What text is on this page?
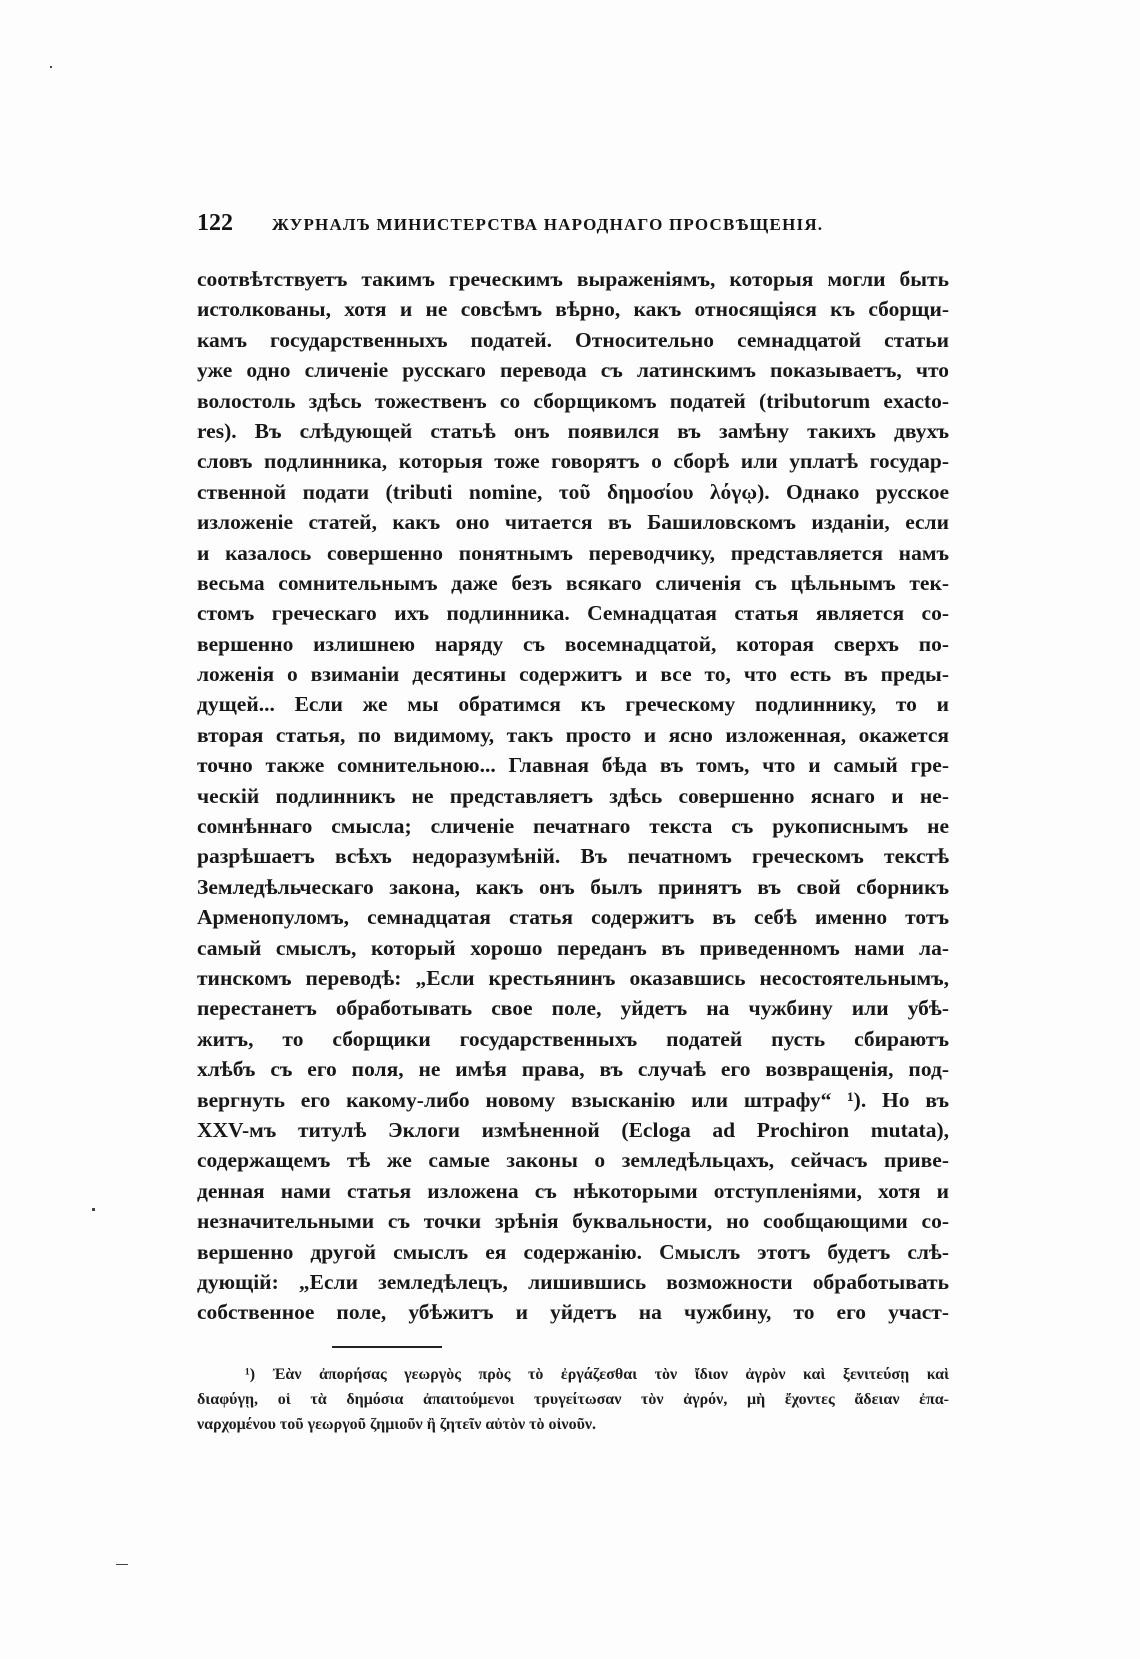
122 ЖУРНАЛЪ МИНИСТЕРСТВА НАРОДНАГО ПРОСВѢЩЕНІЯ.
соотвѣтствуетъ такимъ греческимъ выраженіямъ, которыя могли быть
истолкованы, хотя и не совсѣмъ вѣрно, какъ относящіяся къ сборщи-
камъ государственныхъ податей. Относительно семнадцатой статьи
уже одно сличеніе русскаго перевода съ латинскимъ показываетъ, что
волостоль здѣсь тожественъ со сборщикомъ податей (tributorum exacto-
res). Въ слѣдующей статьѣ онъ появился въ замѣну такихъ двухъ
словъ подлинника, которыя тоже говорятъ о сборѣ или уплатѣ государ-
ственной подати (tributi nomine, τοῦ δημοσίου λόγῳ). Однако русское
изложеніе статей, какъ оно читается въ Башиловскомъ изданіи, если
и казалось совершенно понятнымъ переводчику, представляется намъ
весьма сомнительнымъ даже безъ всякаго сличенія съ цѣльнымъ тек-
стомъ греческаго ихъ подлинника. Семнадцатая статья является со-
вершенно излишнею наряду съ восемнадцатой, которая сверхъ по-
ложенія о взиманіи десятины содержитъ и все то, что есть въ преды-
дущей... Если же мы обратимся къ греческому подлиннику, то и
вторая статья, по видимому, такъ просто и ясно изложенная, окажется
точно также сомнительною... Главная бѣда въ томъ, что и самый гре-
ческій подлинникъ не представляетъ здѣсь совершенно яснаго и не-
сомнѣннаго смысла; сличеніе печатнаго текста съ рукописнымъ не
разрѣшаетъ всѣхъ недоразумѣній. Въ печатномъ греческомъ текстѣ
Земледѣльческаго закона, какъ онъ былъ принятъ въ свой сборникъ
Арменопуломъ, семнадцатая статья содержитъ въ себѣ именно тотъ
самый смыслъ, который хорошо переданъ въ приведенномъ нами ла-
тинскомъ переводѣ: „Если крестьянинъ оказавшись несостоятельнымъ,
перестанетъ обработывать свое поле, уйдетъ на чужбину или убѣ-
житъ, то сборщики государственныхъ податей пусть сбираютъ
хлѣбъ съ его поля, не имѣя права, въ случаѣ его возвращенія, под-
вергнуть его какому-либо новому взысканію или штрафу“ ¹). Но въ
XXV-мъ титулѣ Эклоги измѣненной (Ecloga ad Prochiron mutata),
содержащемъ тѣ же самые законы о земледѣльцахъ, сейчасъ приве-
денная нами статья изложена съ нѣкоторыми отступленіями, хотя и
незначительными съ точки зрѣнія буквальности, но сообщающими со-
вершенно другой смыслъ ея содержанію. Смыслъ этотъ будетъ слѣ-
дующій: „Если земледѣлецъ, лишившись возможности обработывать
собственное поле, убѣжитъ и уйдетъ на чужбину, то его участ-
¹) Ἐὰν ἀπορήσας γεωργὸς πρὸς τὸ ἐργάζεσθαι τὸν ἴδιον ἀγρὸν καὶ ξενιτεύσῃ καὶ
διαφύγῃ, οἱ τὰ δημόσια ἀπαιτούμενοι τρυγείτωσαν τὸν ἀγρόν, μὴ ἔχοντες ἄδειαν ἐπα-
ναρχομένου τοῦ γεωργοῦ ζημιοῦν ἢ ζητεῖν αὐτὸν τὸ οἰνοῦν.
